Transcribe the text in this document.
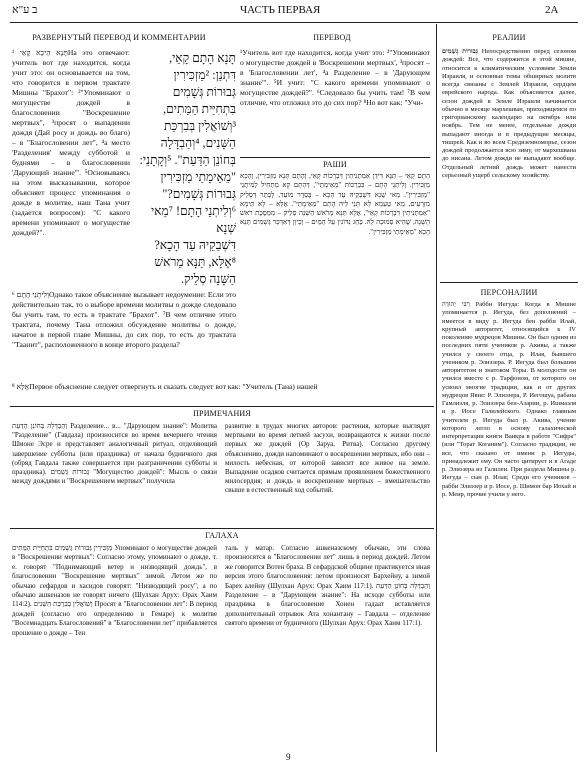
ב ע"א	ЧАСТЬ ПЕРВАЯ	2A
РАЗВЕРНУТЫЙ ПЕРЕВОД И КОММЕНТАРИИ	ПЕРЕВОД	РЕАЛИИ
תָּנָא הֵיכָא קָאֵי ¹На это отвечают: учитель вот где находится, когда учит это: он основывается на том, что говорится в первом трактате Мишны "Брахот": ²"Упоминают о могуществе дождей в благословении "Воскрешение мертвых", ³просят о выпадении дождя (Дай росу и дождь во благо) – в "Благословении лет", ⁴а место 'Разделения' между субботой и буднями – в благословении 'Дарующий знание'". ⁵Основываясь на этом высказывании, которое объясняет процесс упоминания о дожде в молитве, наш Тана учит (задается вопросом): "С какого времени упоминают о могуществе дождей?".
תָּנָא הָתָם קָאֵי,
דִּתְנַן: ²מַזְכִּירִין
גְּבוּרוֹת גְּשָׁמִים
בִּתְחִיַּית הַמֵּתִים,
³וְשׁוֹאֲלִין בְּבִרְכַּת
הַשָּׁנִים, ⁴וְהַבְדָּלָה
בְּחוֹנֵן הַדַּעַת". ⁵וְקָתָנֵי:
"מֵאֵימָתַי מַזְכִּירִין גְּבוּרוֹת גְּשָׁמִים?"
⁶וְלִיתְנֵי הָתָם! ⁷מַאי שְׁנָא
דִּשְׁבַקֵיהּ עַד הָכָא?
⁸אֶלָּא, תַּנָּא מֵרֹאשׁ הַשָּׁנָה סְלֵיק.
וְלִיתְנֵי הָתָם ⁶Однако такое объяснение вызывает недоумение: Если это действительно так, то о выборе времени молитвы о дожде следовало бы учить там, то есть в трактате "Брахот". ⁷В чем отличие этого трактата, почему Тана отложил обсуждение молитвы о дожде, начатое в первой главе Мишны, до сих пор, то есть до трактата "Таанит", расположенного в конце второго раздела?
¹Учитель вот где находится, когда учит это: ²"Упоминают о могуществе дождей в 'Воскрешении мертвых', ³просят – в 'Благословении лет', ⁴а Разделение – в 'Дарующем знание'". ⁵И учит: "С какого времени упоминают о могуществе дождей?". ⁶Следовало бы учить там! ⁷В чем отличие, что отложил это до сих пор? ⁸Но вот как: "Учи-
РАШИ
הָתָם קָאֵי – תַּנָּא דִּידַן אַמַּתְנִיתִין דִּבְרָכוֹת קָאֵי, וְהָתָם תָּנָא מַזְכִּירִין, וְהָכָא מַזְכִּירִין. וְלִיתְנֵי הָתָם – בִּבְרָכוֹת "מֵאֵימָתַי", דְּהָתָם קָא מַתְחִיל לְמִיתְנֵי "מַזְכִּירִין". מַאי שְׁנָא דִּשְׁבַקֵיהּ עַד הָכָא – בְּסֵדֶר מוֹעֵד, לְבָתַר דְּסָלֵיק מִזְּרָעִים, מַאי טַעְמָא לָא תָּנֵי לֵיהּ הָתָם "מֵאֵימָתַי". אֶלָּא – לָא תֵּימָא "אַמַּתְנִיתִין דִּבְרָכוֹת קָאֵי", אֶלָּא תַּנָּא מֵרֹאשׁ הַשָּׁנָה סְלֵיק – מִמַּסֶּכֶת רֹאשׁ הַשָּׁנָה, שֶׁהִיא סְמוּכָה לָהּ. בְּחַג נִדּוֹנִין עַל הַמַּיִם – וְכֵיוָן דְּאַדְכַּר גְּשָׁמִים תְּנָא הָכָא "מֵאֵימָתַי מַזְכִּירִין".
אֶלָּא ⁸Первое объяснение следует отвергнуть и сказать следует вот как: "Учитель (Тана) нашей
גְּבוּרוֹת גְּשָׁמִים Непосредственно перед сезоном дождей: Все, что содержится в этой мишне, относится к климатическим условиям Земли Израиля, и основные темы обширных молитв всегда связаны с Землей Израиля, сердцем еврейского народа. Как объясняется далее, сезон дождей в Земле Израиля начинается обычно в месяце мархешван, приходящемся по григорианскому календарю на октябрь или ноябрь. Тем не менее, отдельные дожди выпадают иногда и в предыдущие месяцы, тишрей. Как и во всем Средиземноморье, сезон дождей продолжается всю зиму, от мархешвана до нисана. Летом дожди не выпадают вообще. Отдельный летний дождь может нанести серьезный ущерб сельскому хозяйству.
ПЕРСОНАЛИИ
רַבִּי יְהוּדָה Рабби Иегуда: Когда в Мишне упоминается р. Иегуда, без дополнений – имеется в виду р. Иегуда бен рабби Илай, крупный авторитет, относящийся к IV поколению мудрецов Мишны. Он был одним из последних пяти учеников р. Акивы, а также учился у своего отца, р. Илая, бывшего учеником р. Элиэзера. Р. Иегуда был большим авторитетом и знатоком Торы. В молодости он учился вместе с р. Тарфоном, от которого он усвоил многие традиции, как и от других мудрецов Явне: Р. Элиэзера, Р. Иегошуа, рабана Гамлиэля, р. Элиэзера бен-Азарии, р. Ишмаэля и р. Иосе Галилейского. Однако главным учителем р. Иегуда был р. Акива, учение которого легло в основу галахической интерпретации книги Ваикра в работе "Сифра" (или "Торат Коганим"). Согласно традиции, не все, что сказано от имени р. Иегуды, принадлежит ему. Он часто цитирует и в Агаде р. Элиэзера из Галилеи. При раздела Мишны р. Иегуда – сын р. Илая; Среди его учеников – рабби Элиэзер и р. Иосе, р. Шимон бар Иохай и р. Меир, прочие учили у него.
ПРИМЕЧАНИЯ
וְהַבְדָּלָה בְּחוֹנֵן הַדַּעַת Разделение... в... "Дарующем знание": Молитва "Разделение" (Гавдала) произносится во время вечернего чтения Шмоне Эсре и представляет аналогичный ритуал, отделяющий завершение субботы (или праздника) от начала будничного дня (обряд Гавдала также совершается при разграничении субботы и праздника). גְּבוּרוֹת גְּשָׁמִים "Могущество дождей": Мысль о связи между дождями и "Воскрешением мертвых" получила
развитие в трудах многих авторов: растения, которые выглядят мертвыми во время летней засухи, возвращаются к жизни после первых же дождей (Ор Заруа, Ритва). Согласно другому объяснению, дожди напоминают о воскрешении мертвых, ибо они – милость небесная, от которой зависит все живое на земле. Выпадение осадков считается прямым проявлением божественного милосердия; и дождь и воскрешение мертвых – вмешательство свыше в естественный ход событий.
ГАЛАХА
מַזְכִּירִין גְּבוּרוֹת גְּשָׁמִים בִּתְחִיַּית הַמֵּתִים Упоминают о могуществе дождей в "Воскрешении мертвых": Согласно этому, упоминают о дожде, т. е. говорят "Поднимающий ветер и низводящий дождь", в благословении "Воскрешение мертвых" зимой. Летом же по обычаю сефардов и хасидов говорят: "Низводящий росу", а по обычаю ашкеназов не говорят ничего (Шулхан Арух: Орах Хаим 114:2). וְשׁוֹאֲלִין בְּבִרְכַּת הַשָּׁנִים Просят в "Благословении лет": В период дождей (согласно его определению в Гемаре) к молитве "Восемнадцать Благословений" в "Благословении лет" прибавляется прошение о дожде – Тен
таль у матар. Согласно ашкеназскому обычаю, эти слова произносятся в "Благословении лет" лишь в период дождей. Летом же говорится Вотен браха. В сефардской общине практикуется иная версия этого благословения: летом произносят Бархейну, а зимой Барех алейну (Шулхан Арух: Орах Хаим 117:1). וְהַבְדָּלָה בְּחוֹנֵן הַדַּעַת Разделение – в "Дарующем знание": На исходе субботы или праздника в благословение Хонен гадаат вставляется дополнительный отрывок Ата хонантану – Гавдала – отделение святого времени от будничного (Шулхан Арух: Орах Хаим 117:1).
9
